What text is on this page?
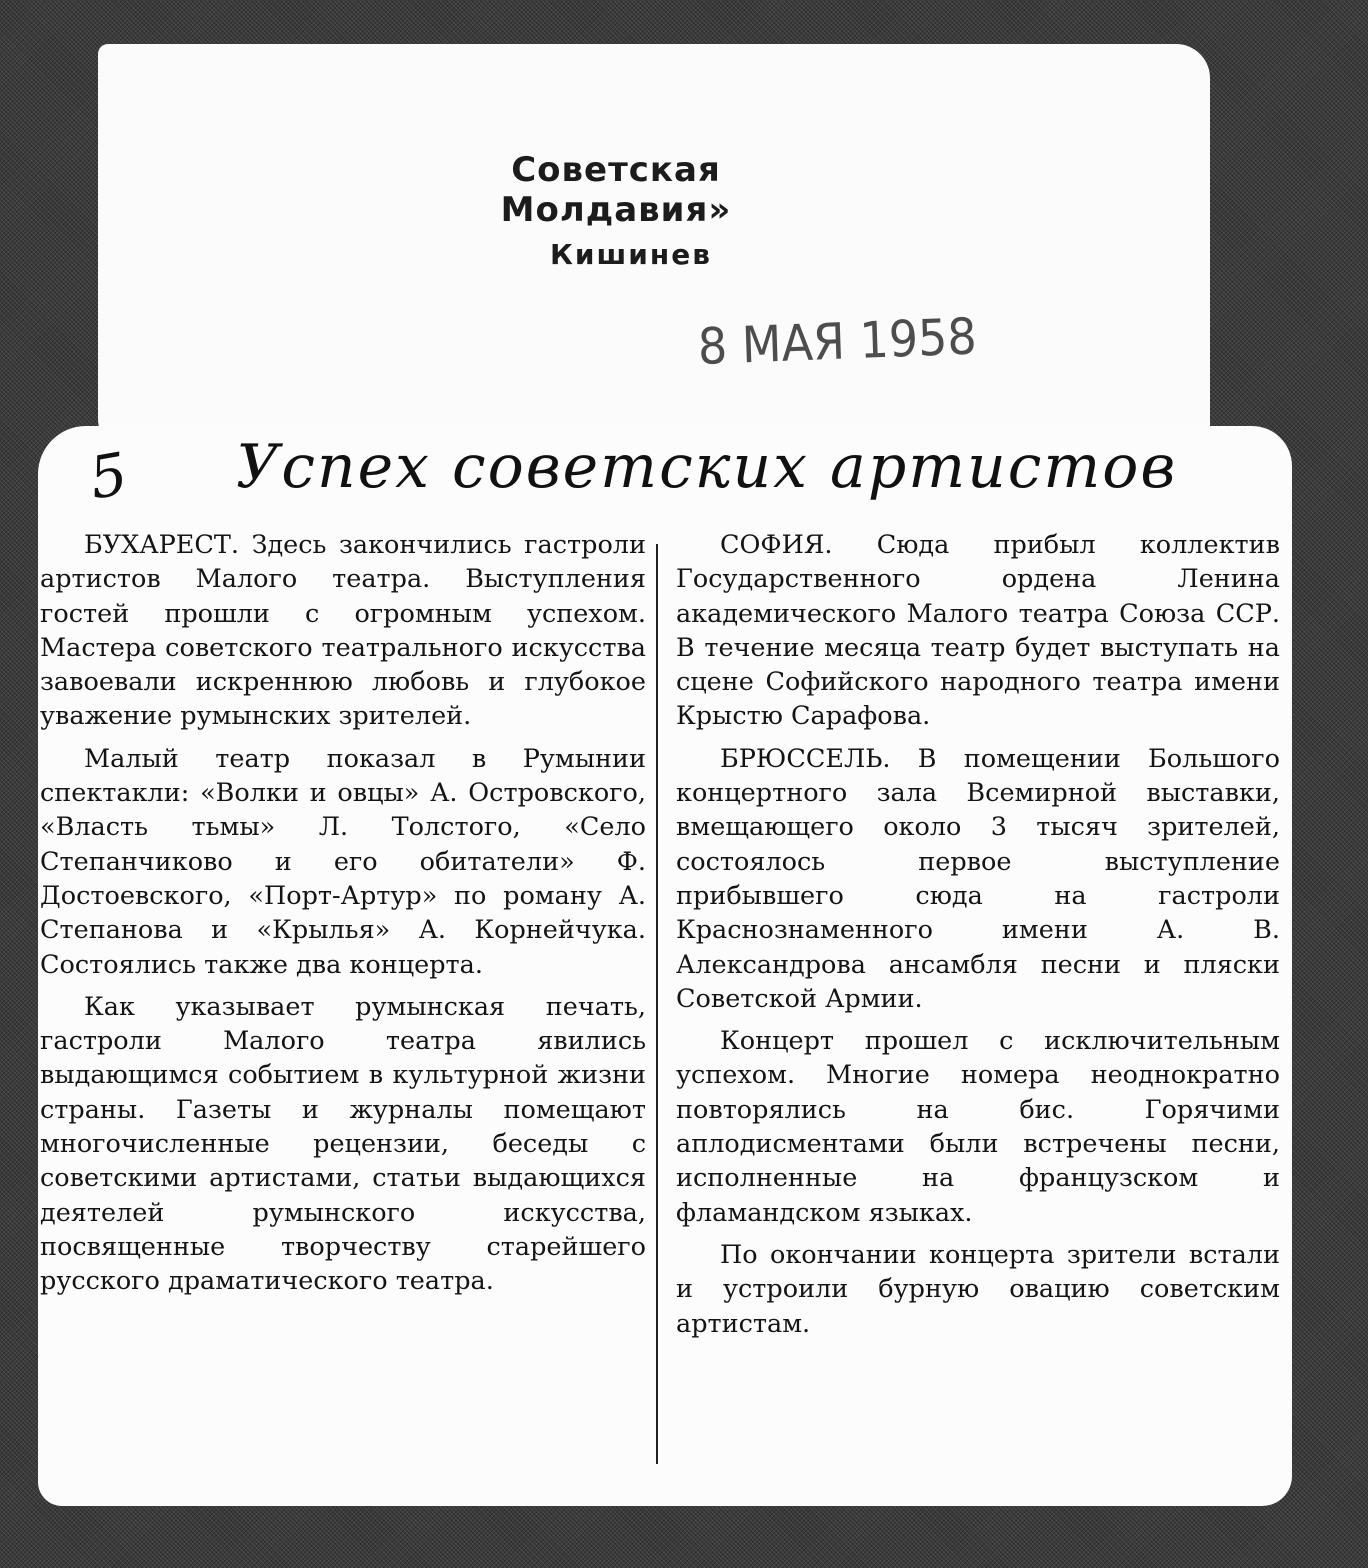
Советская Молдавия»
Кишинев
8 МАЯ 1958
5 Успех советских артистов

БУХАРЕСТ. Здесь закончились гастроли артистов Малого театра. Выступления гостей прошли с огромным успехом. Мастера советского театрального искусства завоевали искреннюю любовь и глубокое уважение румынских зрителей.

Малый театр показал в Румынии спектакли: «Волки и овцы» А. Островского, «Власть тьмы» Л. Толстого, «Село Степанчиково и его обитатели» Ф. Достоевского, «Порт-Артур» по роману А. Степанова и «Крылья» А. Корнейчука. Состоялись также два концерта.

Как указывает румынская печать, гастроли Малого театра явились выдающимся событием в культурной жизни страны. Газеты и журналы помещают многочисленные рецензии, беседы с советскими артистами, статьи выдающихся деятелей румынского искусства, посвященные творчеству старейшего русского драматического театра.

СОФИЯ. Сюда прибыл коллектив Государственного ордена Ленина академического Малого театра Союза ССР. В течение месяца театр будет выступать на сцене Софийского народного театра имени Крыстю Сарафова.

БРЮССЕЛЬ. В помещении Большого концертного зала Всемирной выставки, вмещающего около 3 тысяч зрителей, состоялось первое выступление прибывшего сюда на гастроли Краснознаменного имени А. В. Александрова ансамбля песни и пляски Советской Армии.

Концерт прошел с исключительным успехом. Многие номера неоднократно повторялись на бис. Горячими аплодисментами были встречены песни, исполненные на французском и фламандском языках.

По окончании концерта зрители встали и устроили бурную овацию советским артистам.
